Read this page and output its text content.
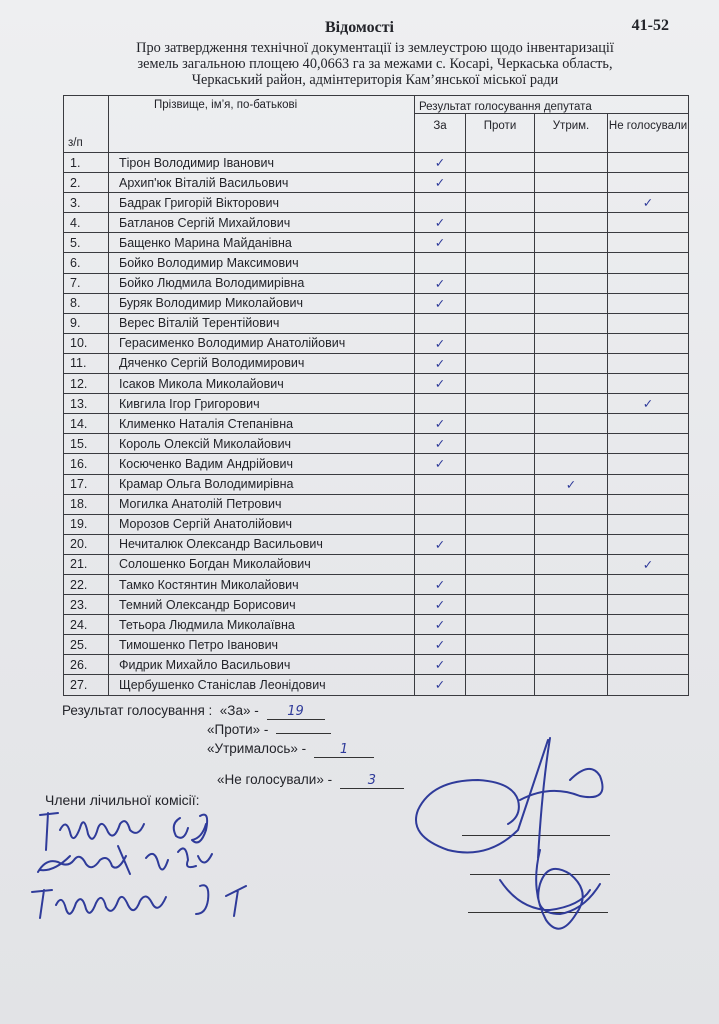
Відомості	41-52
Про затвердження технічної документації із землеустрою щодо інвентаризації
земель загальною площею 40,0663 га за межами с. Косарі, Черкаська область,
Черкаський район, адмінтериторія Кам’янської міської ради
з/п	Прізвище, ім’я, по-батькові	Результат голосування депутата			
		За	Проти	Утрим.	Не голосували
1.	Тірон Володимир Іванович	✓			
2.	Архип'юк Віталій Васильович	✓			
3.	Бадрак Григорій Вікторович				✓
4.	Батланов Сергій Михайлович	✓			
5.	Бащенко Марина Майданівна	✓			
6.	Бойко Володимир Максимович				
7.	Бойко Людмила Володимирівна	✓			
8.	Буряк Володимир Миколайович	✓			
9.	Верес Віталій Терентійович				
10.	Герасименко Володимир Анатолійович	✓			
11.	Дяченко Сергій Володимирович	✓			
12.	Ісаков Микола Миколайович	✓			
13.	Кивгила Ігор Григорович				✓
14.	Клименко Наталія Степанівна	✓			
15.	Король Олексій Миколайович	✓			
16.	Косюченко Вадим Андрійович	✓			
17.	Крамар Ольга Володимирівна			✓	
18.	Могилка Анатолій Петрович				
19.	Морозов Сергій Анатолійович				
20.	Нечиталюк Олександр Васильович	✓			
21.	Солошенко Богдан Миколайович				✓
22.	Тамко Костянтин Миколайович	✓			
23.	Темний Олександр Борисович	✓			
24.	Тетьора Людмила Миколаївна	✓			
25.	Тимошенко Петро Іванович	✓			
26.	Фидрик Михайло Васильович	✓			
27.	Щербушенко Станіслав Леонідович	✓			
Результат голосування : «За» - 19
«Проти» -
«Утрималось» -	1
«Не голосували» -	3
Члени лічильної комісії:
